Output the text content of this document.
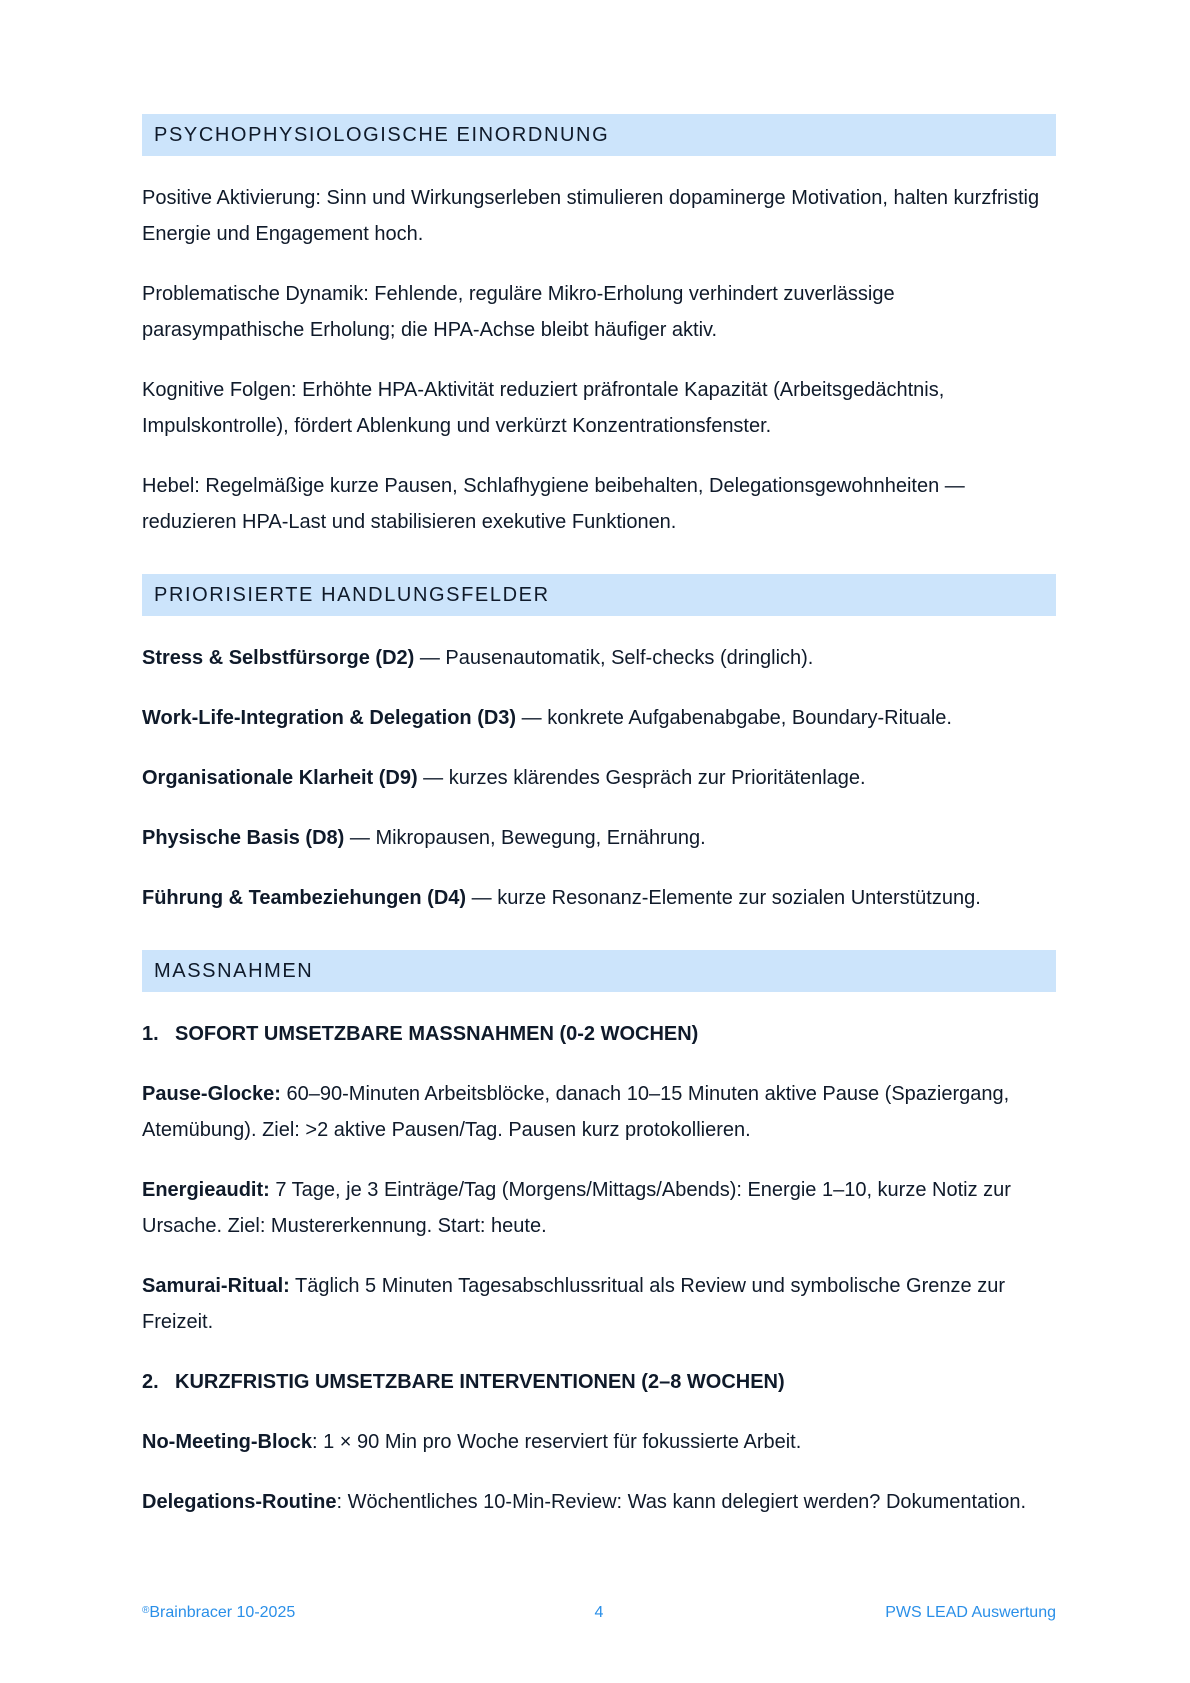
PSYCHOPHYSIOLOGISCHE EINORDNUNG

Positive Aktivierung: Sinn und Wirkungserleben stimulieren dopaminerge Motivation, halten kurzfristig Energie und Engagement hoch.

Problematische Dynamik: Fehlende, reguläre Mikro-Erholung verhindert zuverlässige parasympathische Erholung; die HPA-Achse bleibt häufiger aktiv.

Kognitive Folgen: Erhöhte HPA-Aktivität reduziert präfrontale Kapazität (Arbeitsgedächtnis, Impulskontrolle), fördert Ablenkung und verkürzt Konzentrationsfenster.

Hebel: Regelmäßige kurze Pausen, Schlafhygiene beibehalten, Delegationsgewohnheiten — reduzieren HPA-Last und stabilisieren exekutive Funktionen.

PRIORISIERTE HANDLUNGSFELDER
Stress & Selbstfürsorge (D2) — Pausenautomatik, Self-checks (dringlich).
Work-Life-Integration & Delegation (D3) — konkrete Aufgabenabgabe, Boundary-Rituale.
Organisationale Klarheit (D9) — kurzes klärendes Gespräch zur Prioritätenlage.
Physische Basis (D8) — Mikropausen, Bewegung, Ernährung.
Führung & Teambeziehungen (D4) — kurze Resonanz-Elemente zur sozialen Unterstützung.
MASSNAHMEN
1. SOFORT UMSETZBARE MASSNAHMEN (0-2 WOCHEN)

Pause-Glocke: 60–90-Minuten Arbeitsblöcke, danach 10–15 Minuten aktive Pause (Spaziergang, Atemübung). Ziel: >2 aktive Pausen/Tag. Pausen kurz protokollieren.

Energieaudit: 7 Tage, je 3 Einträge/Tag (Morgens/Mittags/Abends): Energie 1–10, kurze Notiz zur Ursache. Ziel: Mustererkennung. Start: heute.

Samurai-Ritual: Täglich 5 Minuten Tagesabschlussritual als Review und symbolische Grenze zur Freizeit.

2. KURZFRISTIG UMSETZBARE INTERVENTIONEN (2–8 WOCHEN)

No-Meeting-Block: 1 × 90 Min pro Woche reserviert für fokussierte Arbeit.

Delegations-Routine: Wöchentliches 10-Min-Review: Was kann delegiert werden? Dokumentation.

®Brainbracer 10-2025	4	PWS LEAD Auswertung
